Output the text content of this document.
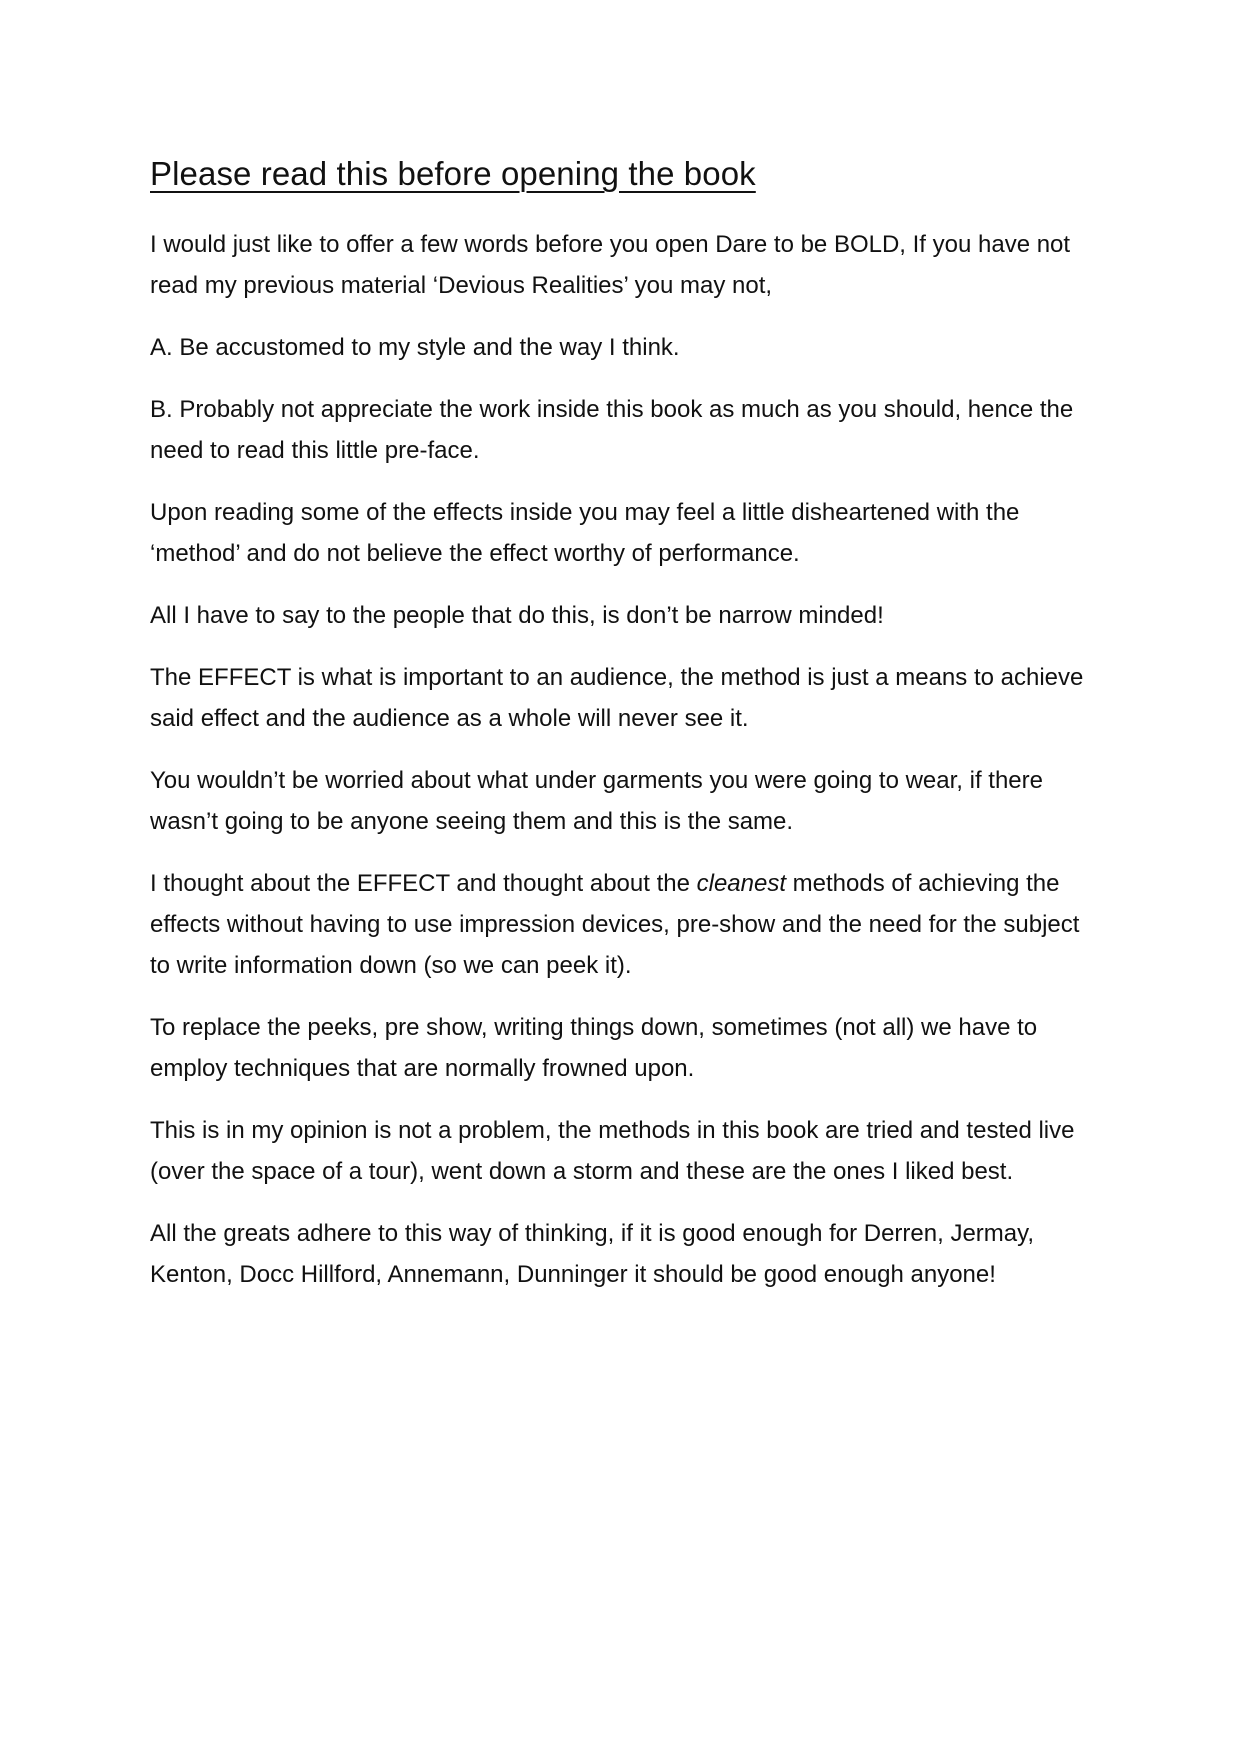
Please read this before opening the book

I would just like to offer a few words before you open Dare to be BOLD, If you have not read my previous material ‘Devious Realities’ you may not,

A. Be accustomed to my style and the way I think.

B. Probably not appreciate the work inside this book as much as you should, hence the need to read this little pre-face.

Upon reading some of the effects inside you may feel a little disheartened with the ‘method’ and do not believe the effect worthy of performance.

All I have to say to the people that do this, is don’t be narrow minded!

The EFFECT is what is important to an audience, the method is just a means to achieve said effect and the audience as a whole will never see it.

You wouldn’t be worried about what under garments you were going to wear, if there wasn’t going to be anyone seeing them and this is the same.

I thought about the EFFECT and thought about the cleanest methods of achieving the effects without having to use impression devices, pre-show and the need for the subject to write information down (so we can peek it).

To replace the peeks, pre show, writing things down, sometimes (not all) we have to employ techniques that are normally frowned upon.

This is in my opinion is not a problem, the methods in this book are tried and tested live (over the space of a tour), went down a storm and these are the ones I liked best.

All the greats adhere to this way of thinking, if it is good enough for Derren, Jermay, Kenton, Docc Hillford, Annemann, Dunninger it should be good enough anyone!
